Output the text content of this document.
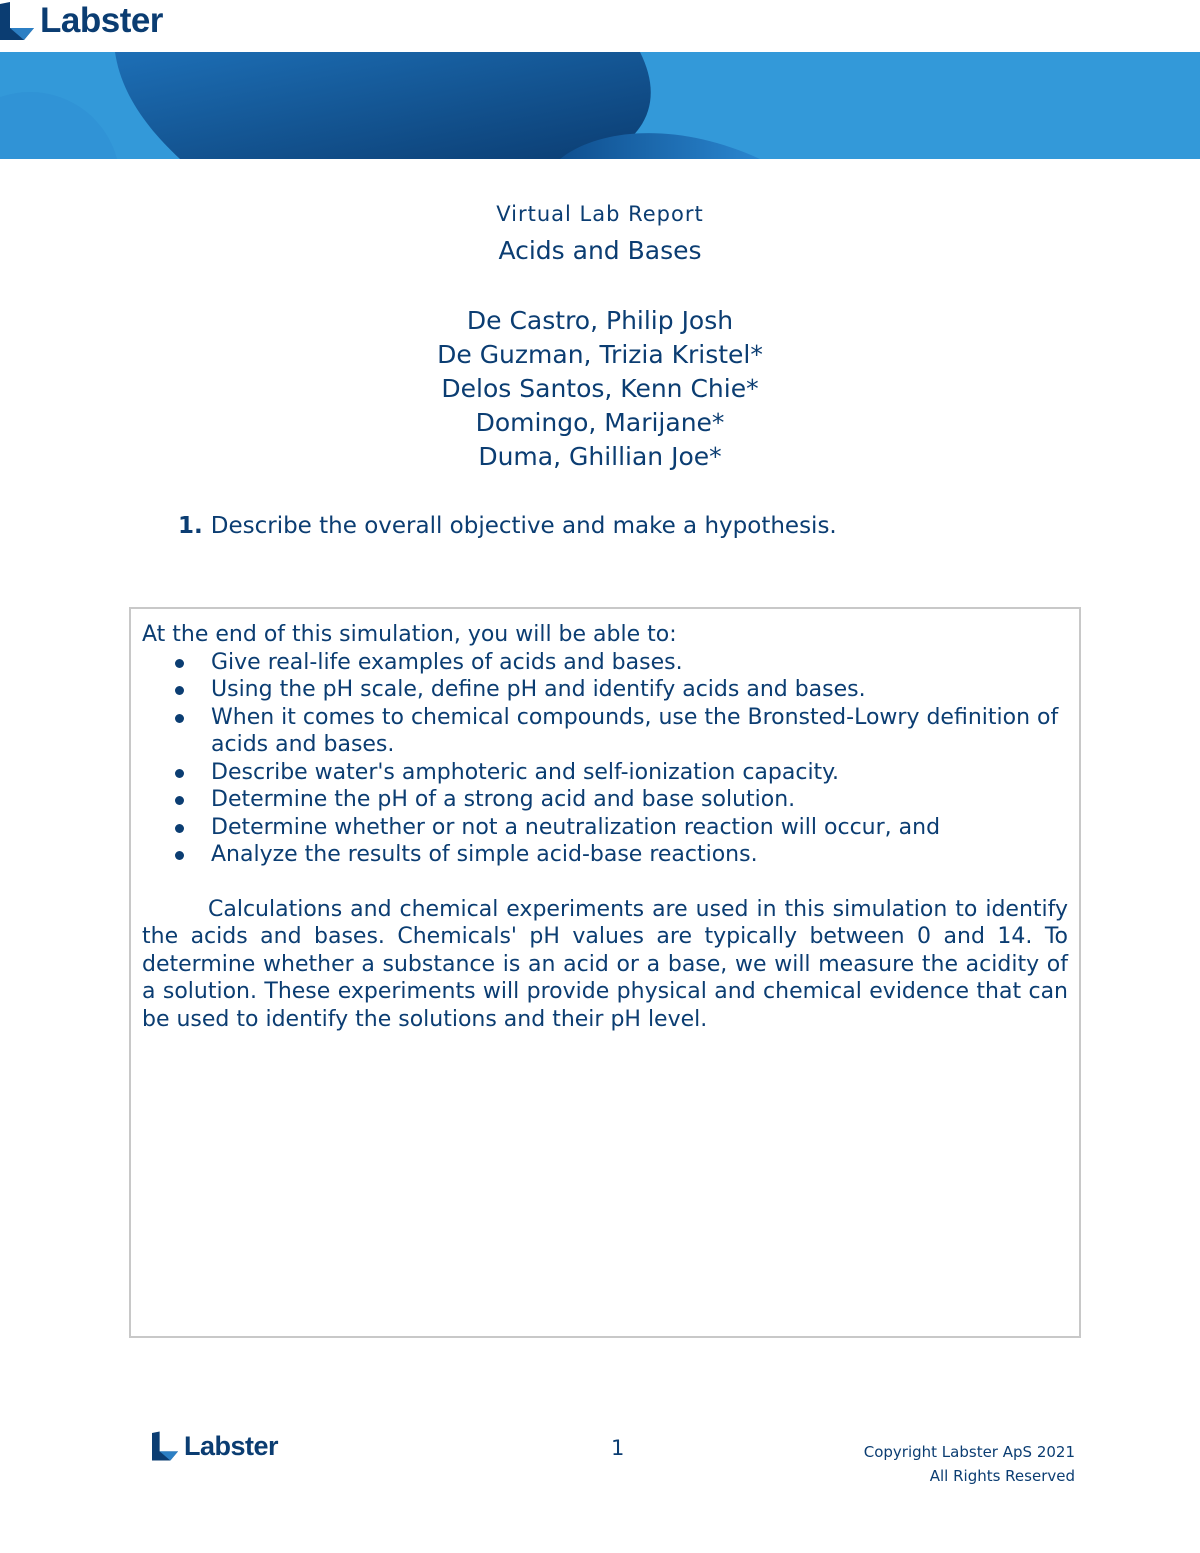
Labster
Virtual Lab Report
Acids and Bases
De Castro, Philip Josh
De Guzman, Trizia Kristel*
Delos Santos, Kenn Chie*
Domingo, Marijane*
Duma, Ghillian Joe*
1. Describe the overall objective and make a hypothesis.

At the end of this simulation, you will be able to:

Give real-life examples of acids and bases.
Using the pH scale, define pH and identify acids and bases.
When it comes to chemical compounds, use the Bronsted-Lowry definition of acids and bases.
Describe water's amphoteric and self-ionization capacity.
Determine the pH of a strong acid and base solution.
Determine whether or not a neutralization reaction will occur, and
Analyze the results of simple acid-base reactions.

Calculations and chemical experiments are used in this simulation to identify the acids and bases. Chemicals' pH values are typically between 0 and 14. To determine whether a substance is an acid or a base, we will measure the acidity of a solution. These experiments will provide physical and chemical evidence that can be used to identify the solutions and their pH level.

Labster	1	Copyright Labster ApS 2021
All Rights Reserved
